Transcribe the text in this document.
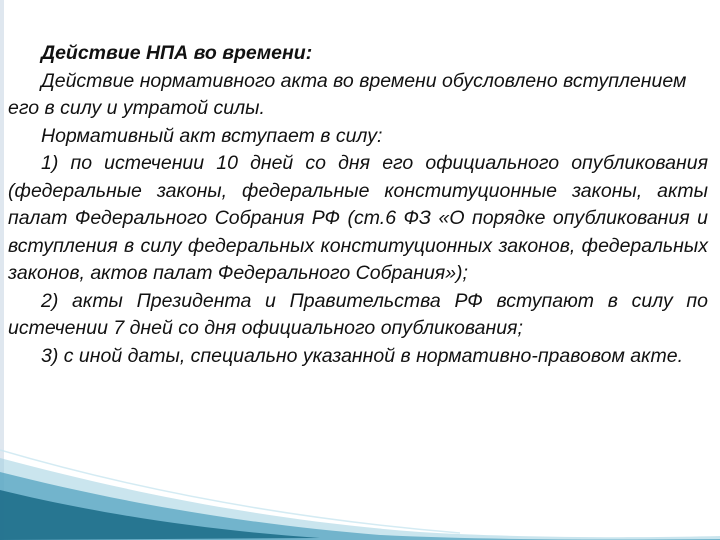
Действие НПА во времени:

Действие нормативного акта во времени обусловлено вступлением его в силу и утратой силы.

Нормативный акт вступает в силу:

1) по истечении 10 дней со дня его официального опубликования (федеральные законы, федеральные конституционные законы, акты палат Федерального Собрания РФ (ст.6 ФЗ «О порядке опубликования и вступления в силу федеральных конституционных законов, федеральных законов, актов палат Федерального Собрания»);

2) акты Президента и Правительства РФ вступают в силу по истечении 7 дней со дня официального опубликования;

3) с иной даты, специально указанной в нормативно-правовом акте.
